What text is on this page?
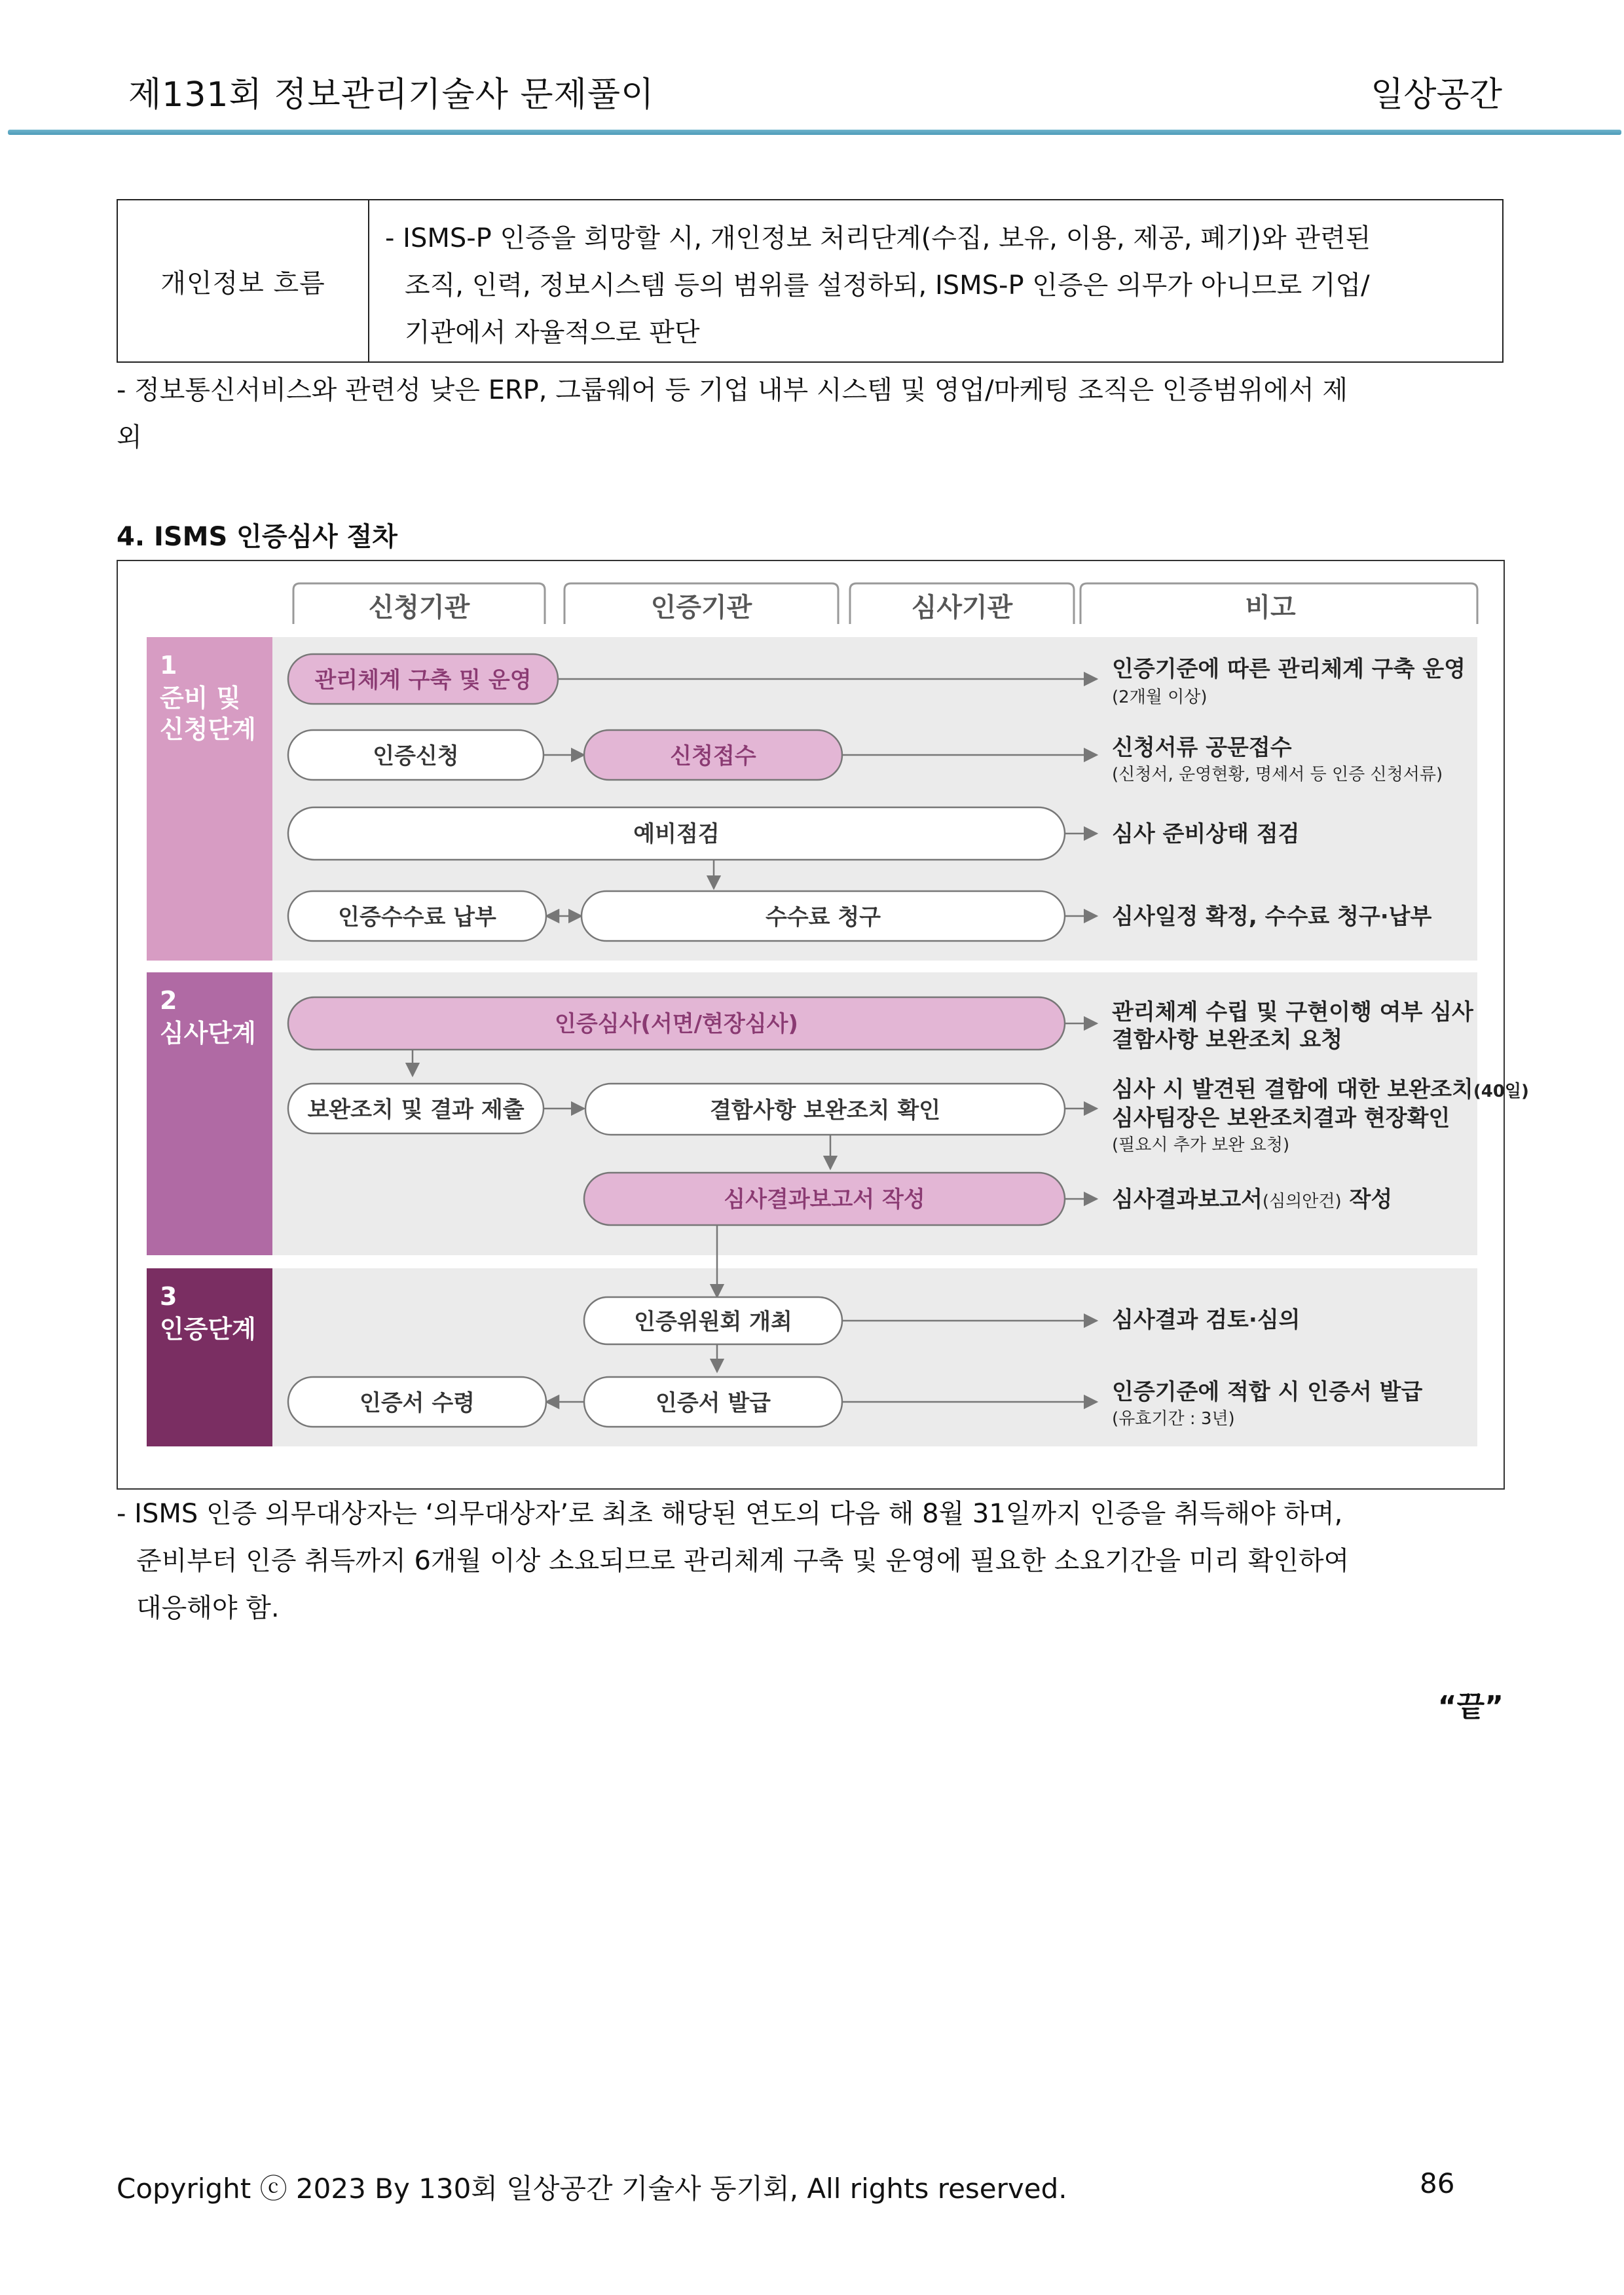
제131회 정보관리기술사 문제풀이	일상공간
개인정보 흐름
- ISMS-P 인증을 희망할 시, 개인정보 처리단계(수집, 보유, 이용, 제공, 폐기)와 관련된
조직, 인력, 정보시스템 등의 범위를 설정하되, ISMS-P 인증은 의무가 아니므로 기업/
기관에서 자율적으로 판단
- 정보통신서비스와 관련성 낮은 ERP, 그룹웨어 등 기업 내부 시스템 및 영업/마케팅 조직은 인증범위에서 제
외
4. ISMS 인증심사 절차
신청기관	인증기관	심사기관	비고
1
준비 및
신청단계
2
심사단계
3
인증단계
관리체계 구축 및 운영
인증신청	신청접수
예비점검
인증수수료 납부	수수료 청구
인증심사(서면/현장심사)
보완조치 및 결과 제출	결함사항 보완조치 확인
심사결과보고서 작성
인증위원회 개최
인증서 수령	인증서 발급
인증기준에 따른 관리체계 구축 운영
(2개월 이상)
신청서류 공문접수
(신청서, 운영현황, 명세서 등 인증 신청서류)
심사 준비상태 점검
심사일정 확정, 수수료 청구·납부
관리체계 수립 및 구현이행 여부 심사
결함사항 보완조치 요청
심사 시 발견된 결함에 대한 보완조치(40일)
심사팀장은 보완조치결과 현장확인
(필요시 추가 보완 요청)
심사결과보고서(심의안건) 작성
심사결과 검토·심의
인증기준에 적합 시 인증서 발급
(유효기간 : 3년)
- ISMS 인증 의무대상자는 ‘의무대상자’로 최초 해당된 연도의 다음 해 8월 31일까지 인증을 취득해야 하며,
준비부터 인증 취득까지 6개월 이상 소요되므로 관리체계 구축 및 운영에 필요한 소요기간을 미리 확인하여
대응해야 함.
“끝”
Copyright ⓒ 2023 By 130회 일상공간 기술사 동기회, All rights reserved.	86
